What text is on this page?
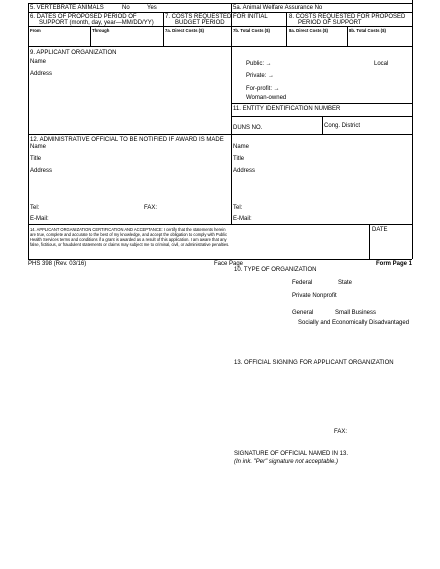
5. VERTEBRATE ANIMALS	No	Yes	5a. Animal Welfare Assurance No
6. DATES OF PROPOSED PERIOD OF
SUPPORT (month, day, year—MM/DD/YY)
7. COSTS REQUESTED FOR INITIAL
BUDGET PERIOD
8. COSTS REQUESTED FOR PROPOSED
PERIOD OF SUPPORT
From	Through	7a. Direct Costs ($)	7b. Total Costs ($)	8a. Direct Costs ($)	8b. Total Costs ($)
9. APPLICANT ORGANIZATION
Name
Address
Public: →	Local
Private: →
For-profit: →
Woman-owned
11. ENTITY IDENTIFICATION NUMBER
DUNS NO.	Cong. District
12. ADMINISTRATIVE OFFICIAL TO BE NOTIFIED IF AWARD IS MADE
Name
Title
Address
Tel:	FAX:
E-Mail:
Name
Title
Address
Tel:
E-Mail:
14. APPLICANT ORGANIZATION CERTIFICATION AND ACCEPTANCE: I certify that the statements herein are true, complete and accurate to the best of my knowledge, and accept the obligation to comply with Public Health Services terms and conditions if a grant is awarded as a result of this application. I am aware that any false, fictitious, or fraudulent statements or claims may subject me to criminal, civil, or administrative penalties.
DATE
PHS 398 (Rev. 03/16)	Face Page	Form Page 1
10. TYPE OF ORGANIZATION
Federal	State
Private Nonprofit
General	Small Business
Socially and Economically Disadvantaged
13. OFFICIAL SIGNING FOR APPLICANT ORGANIZATION
FAX:
SIGNATURE OF OFFICIAL NAMED IN 13.
(In ink. "Per" signature not acceptable.)
